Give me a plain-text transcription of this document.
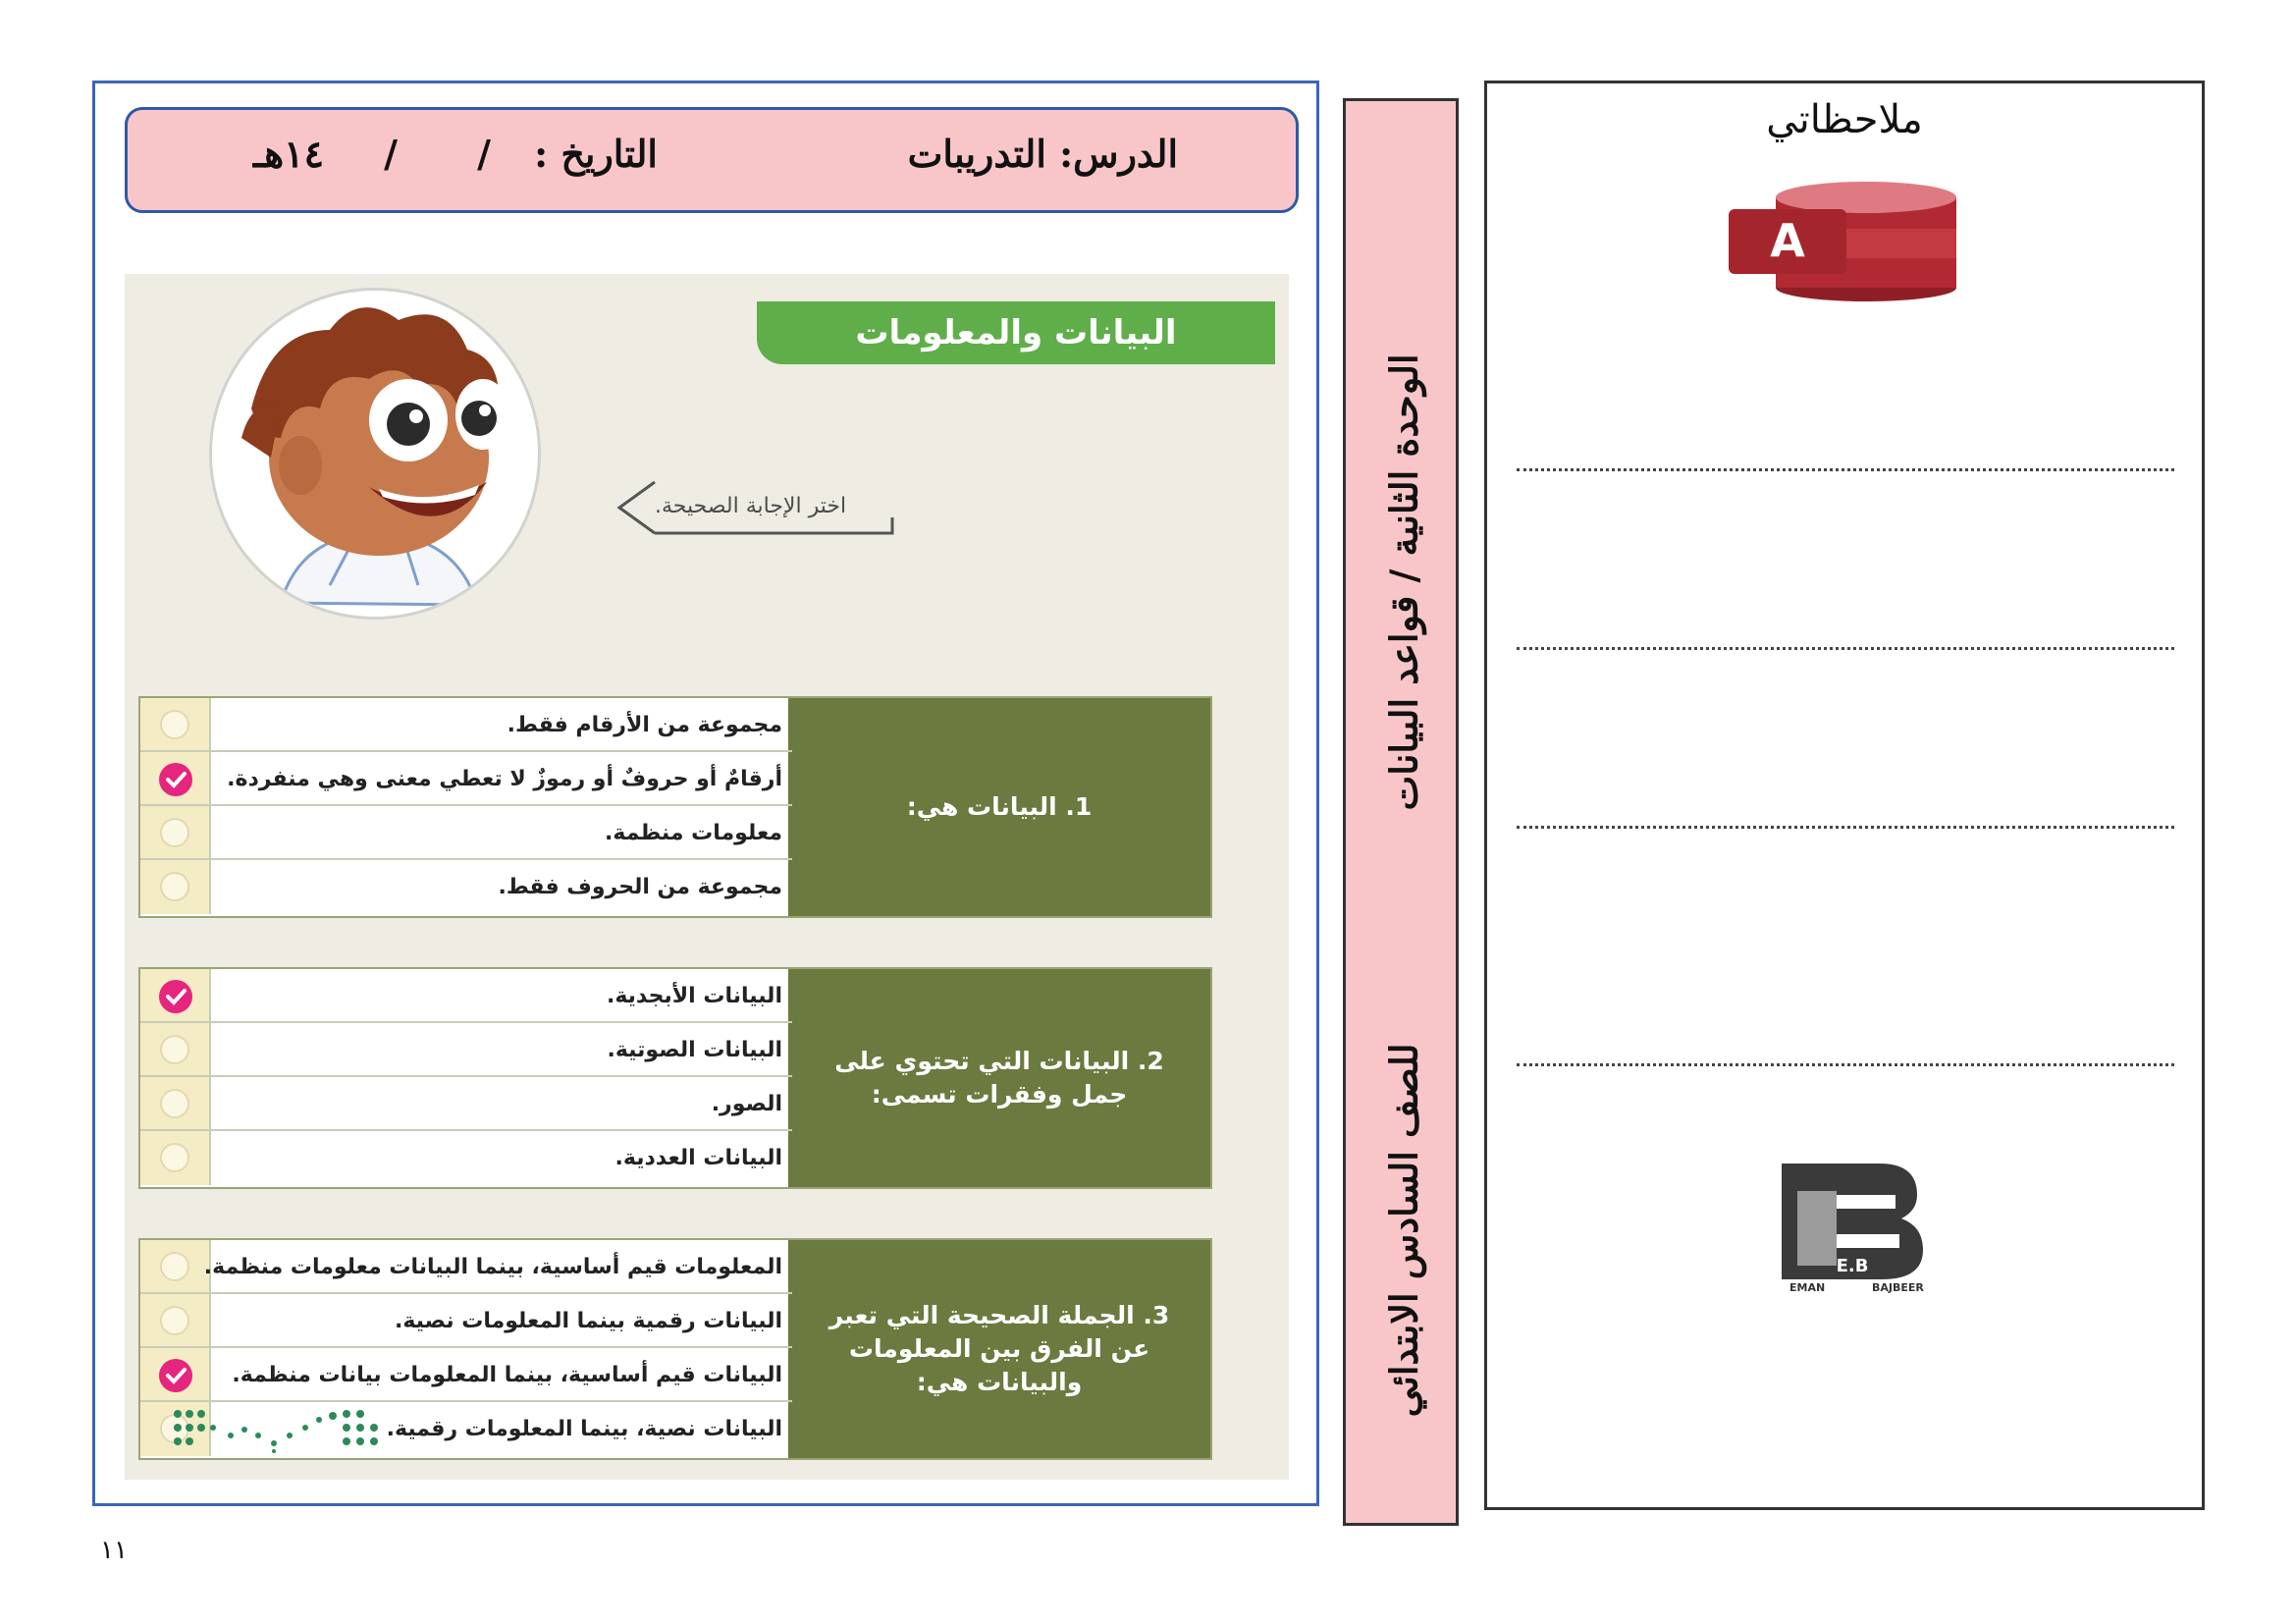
الدرس: التدريبات
التاريخ :
/
/
١٤هـ
البيانات والمعلومات
اختر الإجابة الصحيحة.
1. البيانات هي:
مجموعة من الأرقام فقط.
أرقامٌ أو حروفٌ أو رموزٌ لا تعطي معنى وهي منفردة.
معلومات منظمة.
مجموعة من الحروف فقط.
2. البيانات التي تحتوي على جمل وفقرات تسمى:
البيانات الأبجدية.
البيانات الصوتية.
الصور.
البيانات العددية.
3. الجملة الصحيحة التي تعبر عن الفرق بين المعلومات والبيانات هي:
المعلومات قيم أساسية، بينما البيانات معلومات منظمة.
البيانات رقمية بينما المعلومات نصية.
البيانات قيم أساسية، بينما المعلومات بيانات منظمة.
البيانات نصية، بينما المعلومات رقمية.
الوحدة الثانية / قواعد البيانات
للصف السادس الابتدائي
ملاحظاتي
A
E.B
EMAN	BAJBEER
١١
